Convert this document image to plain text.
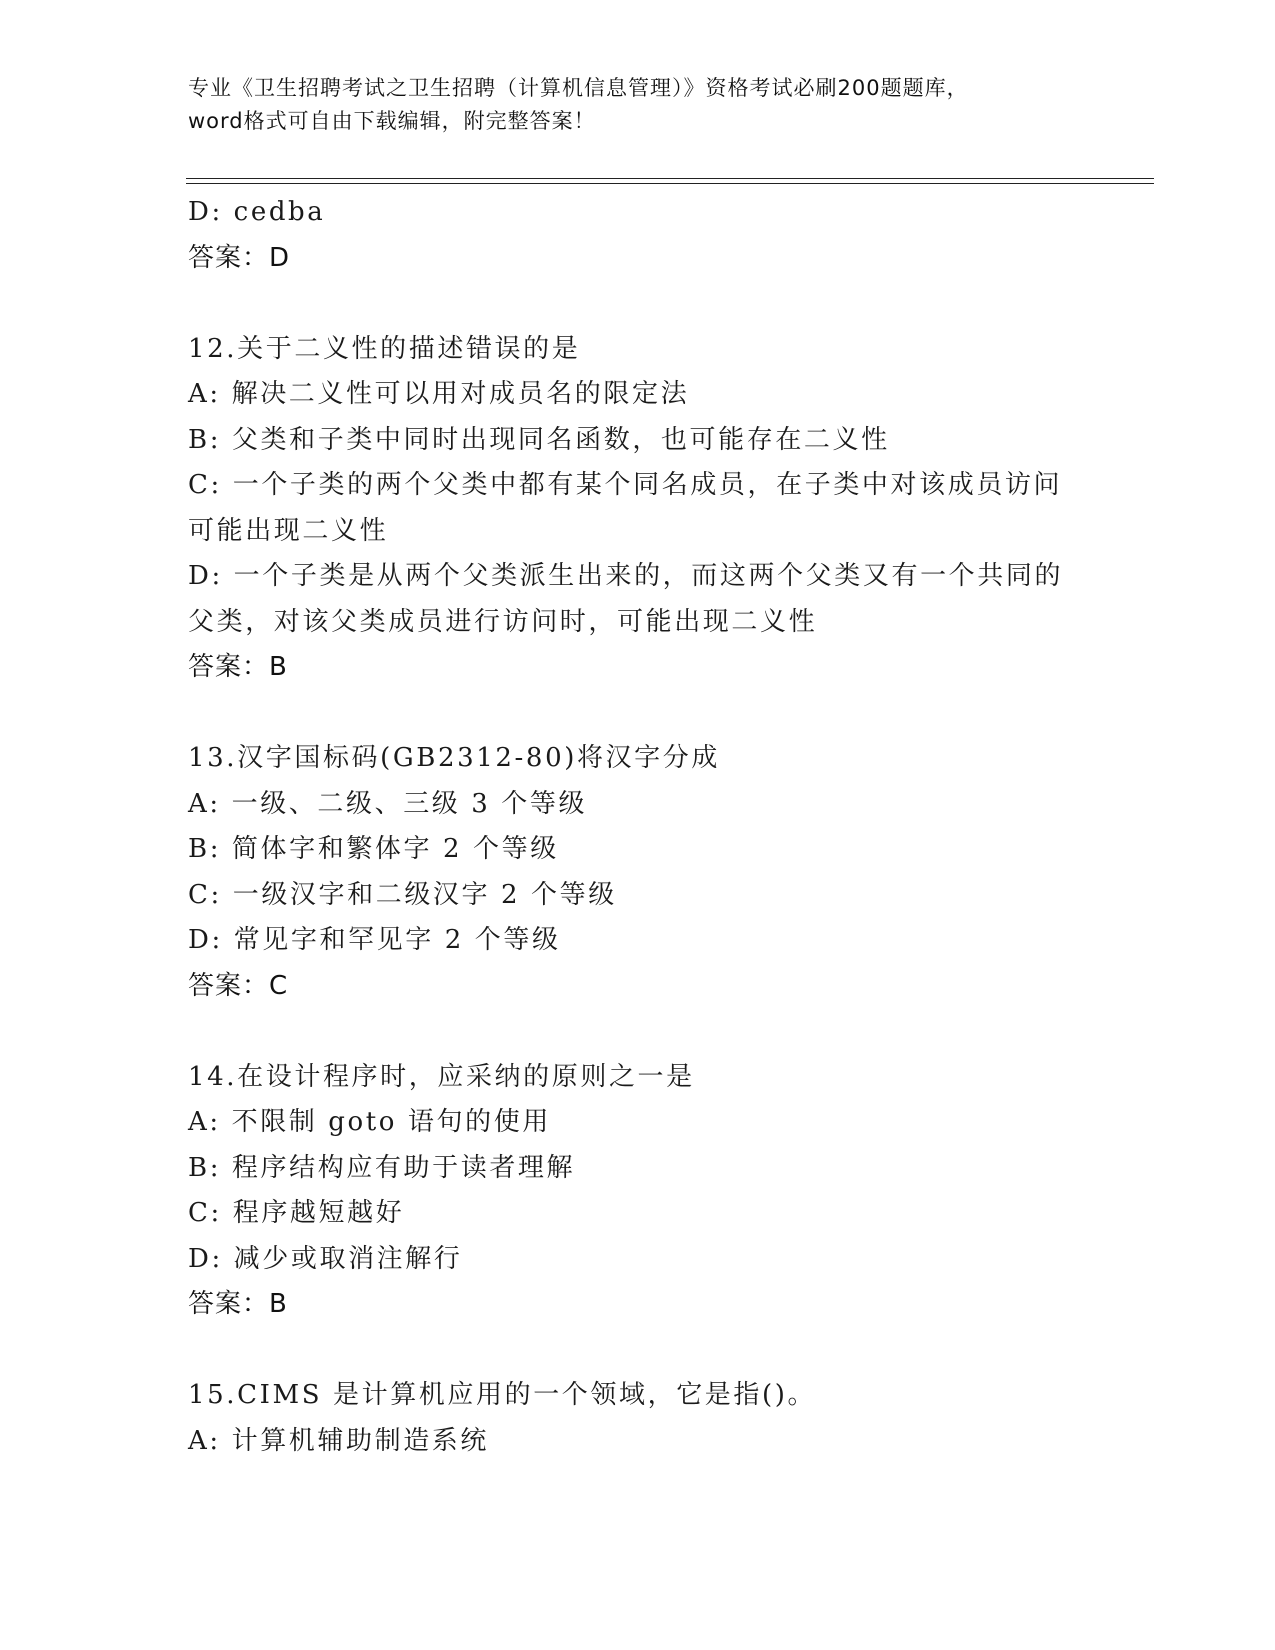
专业《卫生招聘考试之卫生招聘（计算机信息管理）》资格考试必刷200题题库，
word格式可自由下载编辑，附完整答案！
D: cedba
答案：D
12.关于二义性的描述错误的是
A: 解决二义性可以用对成员名的限定法
B: 父类和子类中同时出现同名函数，也可能存在二义性
C: 一个子类的两个父类中都有某个同名成员，在子类中对该成员访问
可能出现二义性
D: 一个子类是从两个父类派生出来的，而这两个父类又有一个共同的
父类，对该父类成员进行访问时，可能出现二义性
答案：B
13.汉字国标码(GB2312-80)将汉字分成
A: 一级、二级、三级 3 个等级
B: 简体字和繁体字 2 个等级
C: 一级汉字和二级汉字 2 个等级
D: 常见字和罕见字 2 个等级
答案：C
14.在设计程序时，应采纳的原则之一是
A: 不限制 goto 语句的使用
B: 程序结构应有助于读者理解
C: 程序越短越好
D: 减少或取消注解行
答案：B
15.CIMS 是计算机应用的一个领域，它是指()。
A: 计算机辅助制造系统
